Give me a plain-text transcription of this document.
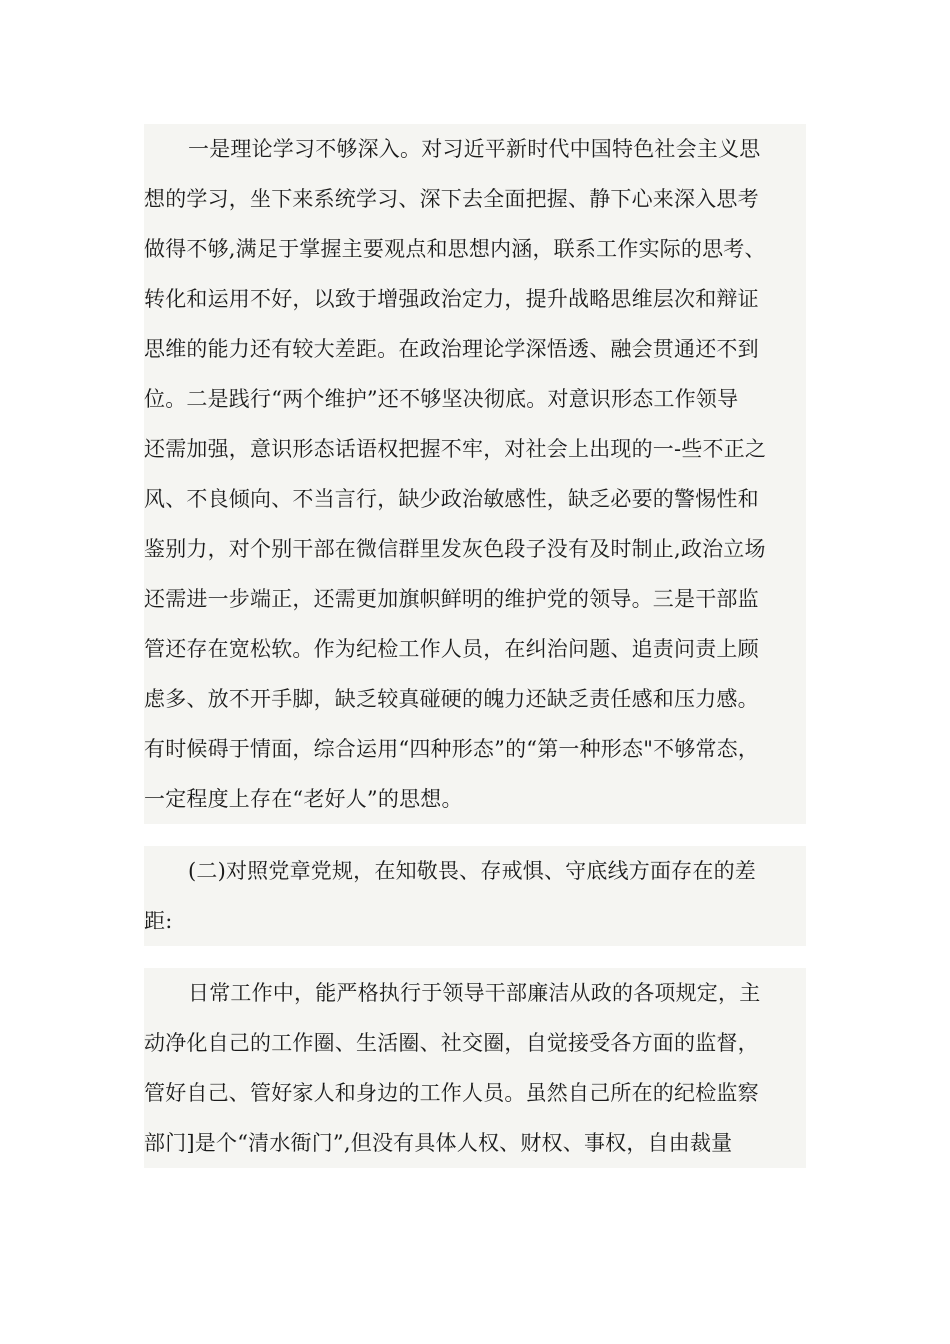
一是理论学习不够深入。对习近平新时代中国特色社会主义思
想的学习，坐下来系统学习、深下去全面把握、静下心来深入思考
做得不够,满足于掌握主要观点和思想内涵，联系工作实际的思考、
转化和运用不好，以致于增强政治定力，提升战略思维层次和辩证
思维的能力还有较大差距。在政治理论学深悟透、融会贯通还不到
位。二是践行“两个维护”还不够坚决彻底。对意识形态工作领导
还需加强，意识形态话语权把握不牢，对社会上出现的一-些不正之
风、不良倾向、不当言行，缺少政治敏感性，缺乏必要的警惕性和
鉴别力，对个别干部在微信群里发灰色段子没有及时制止,政治立场
还需进一步端正，还需更加旗帜鲜明的维护党的领导。三是干部监
管还存在宽松软。作为纪检工作人员，在纠治问题、追责问责上顾
虑多、放不开手脚，缺乏较真碰硬的魄力还缺乏责任感和压力感。
有时候碍于情面，综合运用“四种形态”的“第一种形态"不够常态，
一定程度上存在“老好人”的思想。
(二)对照党章党规，在知敬畏、存戒惧、守底线方面存在的差
距:
日常工作中，能严格执行于领导干部廉洁从政的各项规定，主
动净化自己的工作圈、生活圈、社交圈，自觉接受各方面的监督，
管好自己、管好家人和身边的工作人员。虽然自己所在的纪检监察
部门]是个“清水衙门”,但没有具体人权、财权、事权，自由裁量
